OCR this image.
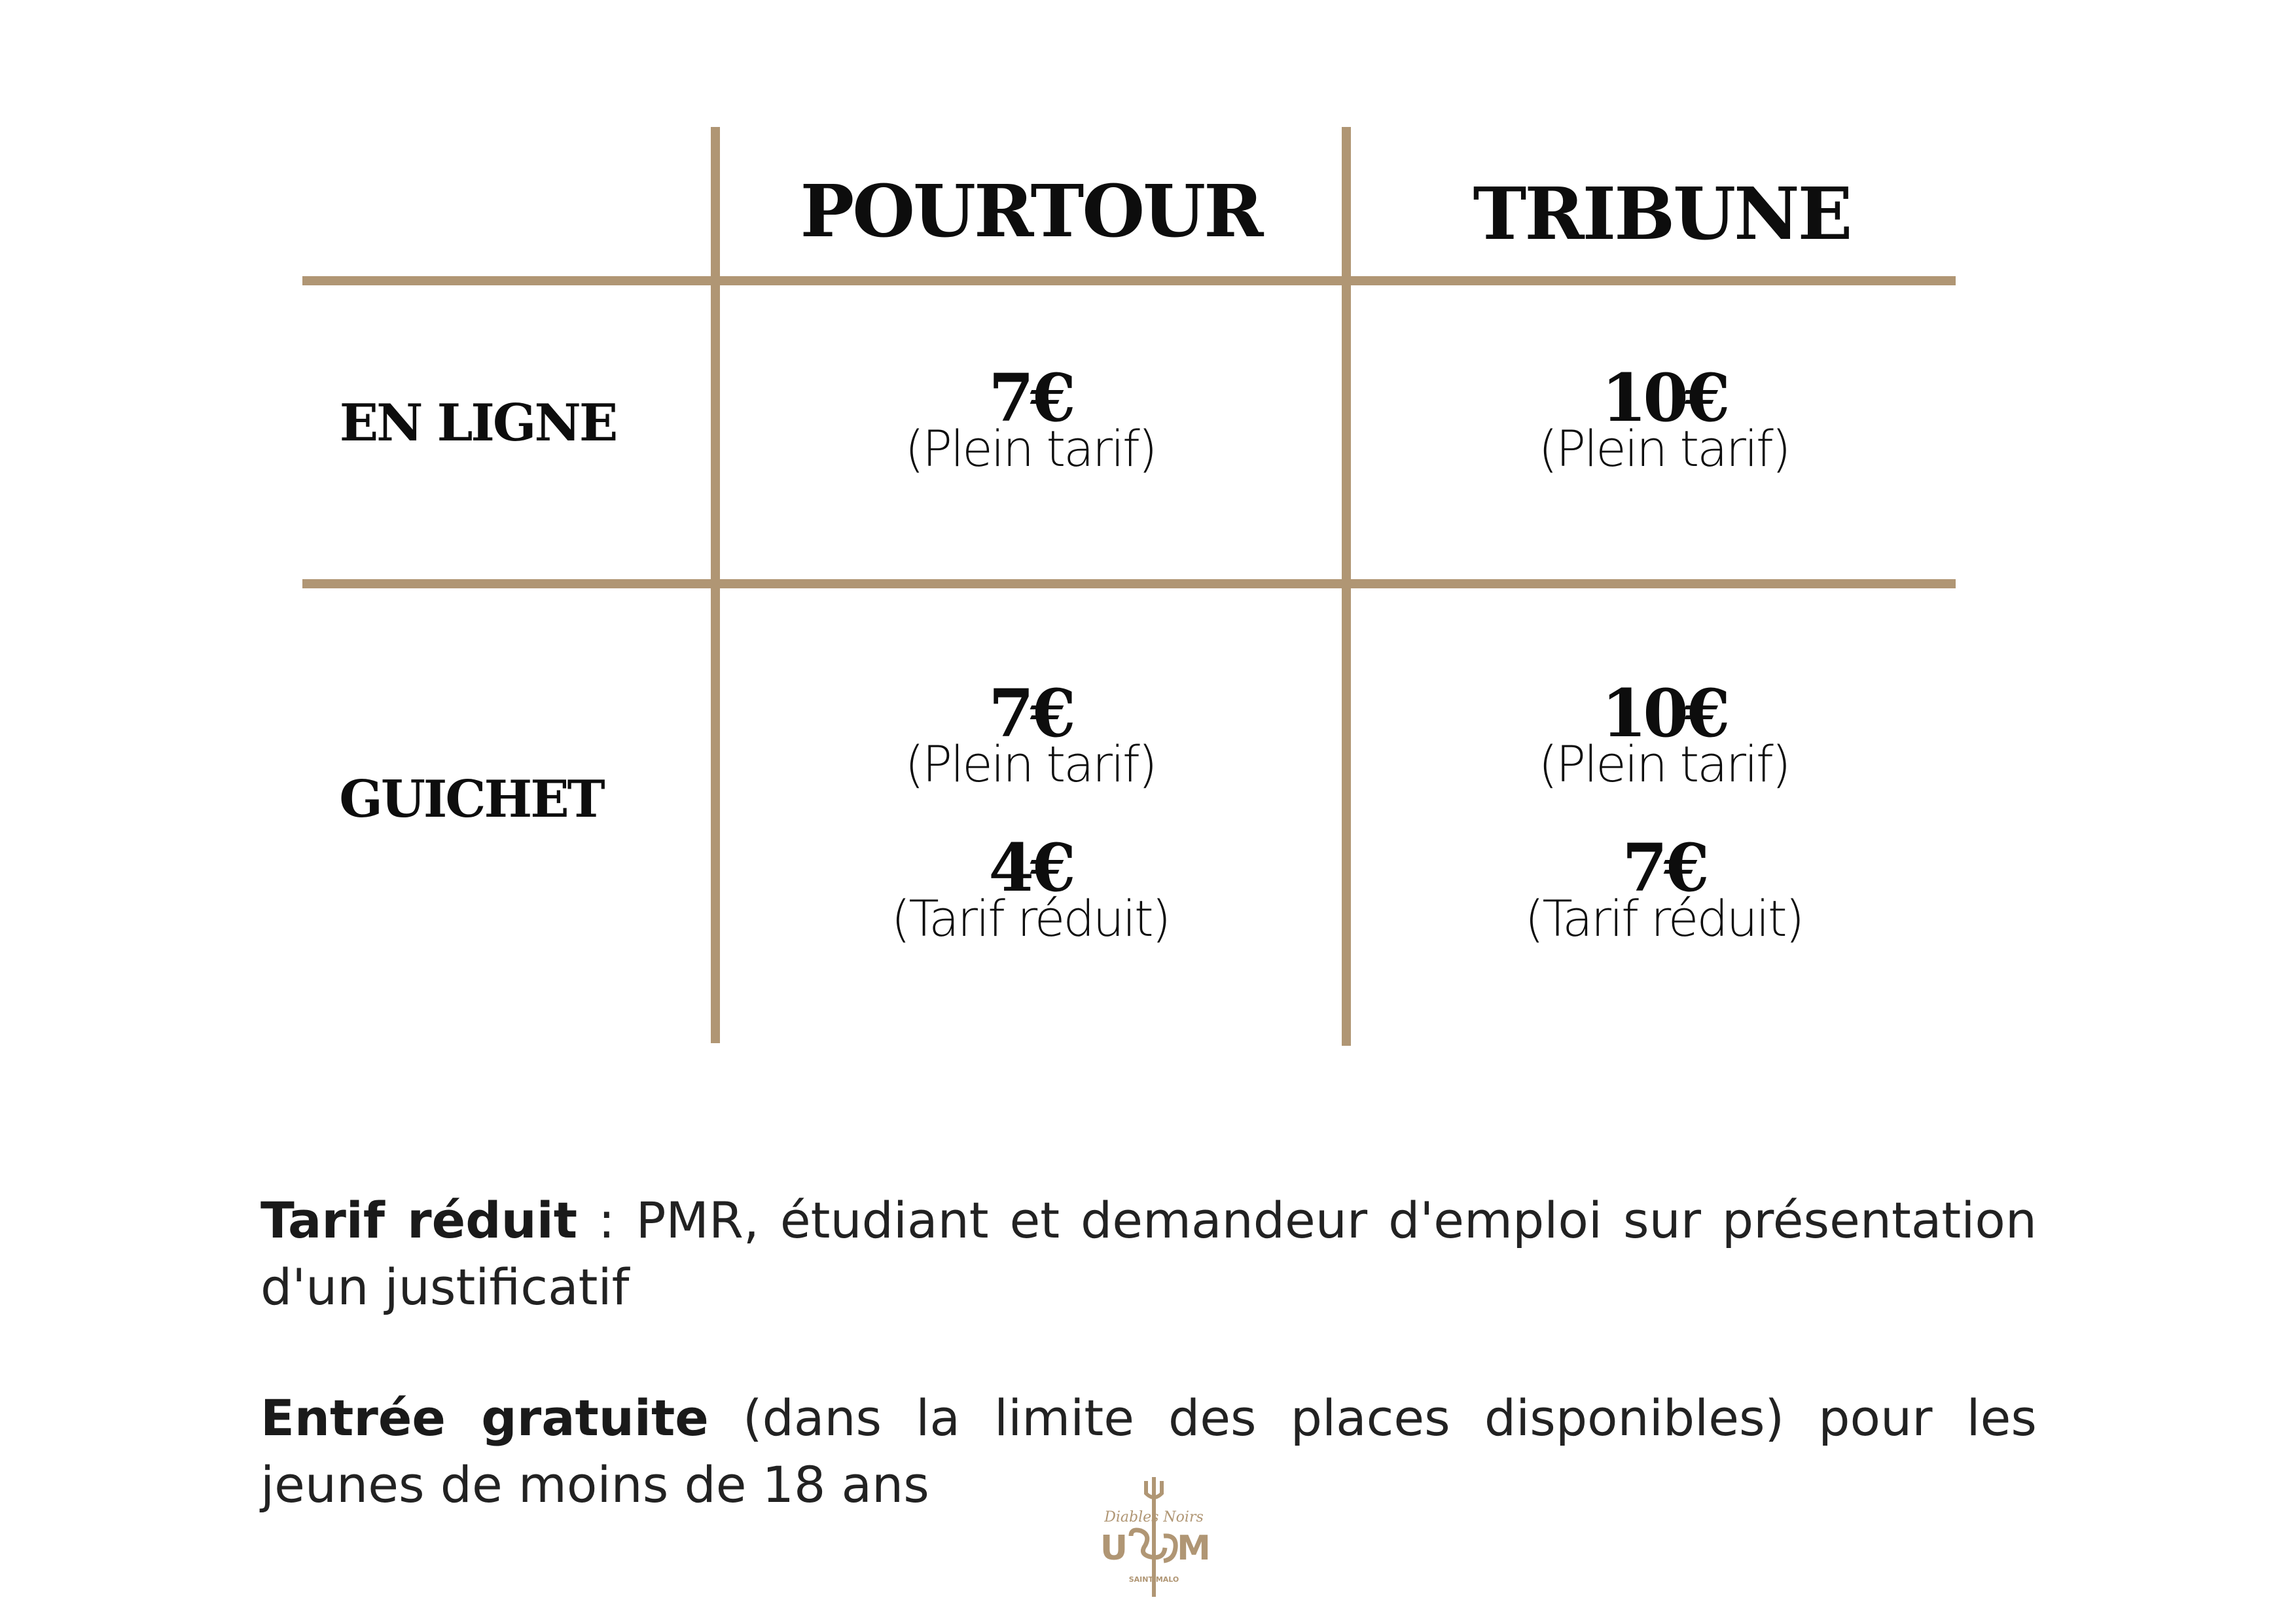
POURTOUR	TRIBUNE
EN LIGNE
GUICHET
7€
(Plein tarif)
10€
(Plein tarif)
7€
(Plein tarif)
10€
(Plein tarif)
4€
(Tarif réduit)
7€
(Tarif réduit)

Tarif réduit : PMR, étudiant et demandeur d'emploi sur présentation d'un justificatif

Entrée gratuite (dans la limite des places disponibles) pour les jeunes de moins de 18 ans

Diables Noirs
U M
SAINT MALO
